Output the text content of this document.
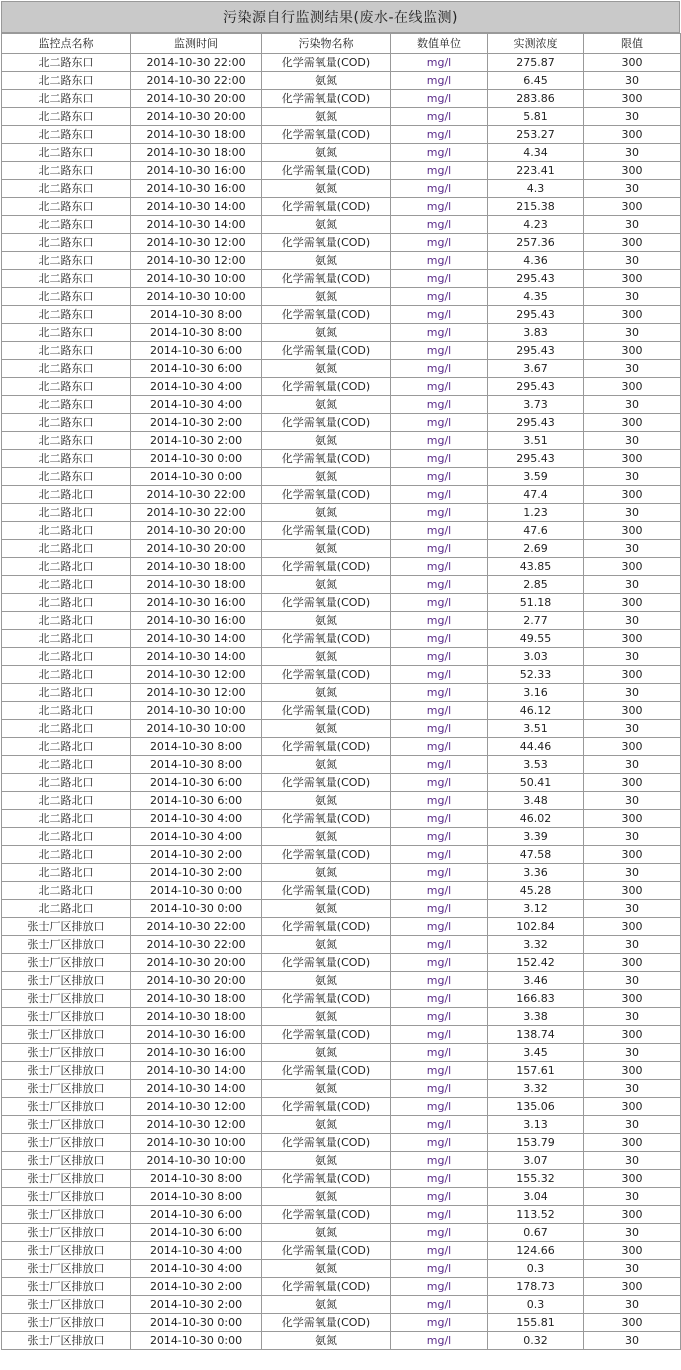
污染源自行监测结果(废水-在线监测)
监控点名称	监测时间	污染物名称	数值单位	实测浓度	限值
北二路东口	2014-10-30 22:00	化学需氧量(COD)	mg/l	275.87	300
北二路东口	2014-10-30 22:00	氨氮	mg/l	6.45	30
北二路东口	2014-10-30 20:00	化学需氧量(COD)	mg/l	283.86	300
北二路东口	2014-10-30 20:00	氨氮	mg/l	5.81	30
北二路东口	2014-10-30 18:00	化学需氧量(COD)	mg/l	253.27	300
北二路东口	2014-10-30 18:00	氨氮	mg/l	4.34	30
北二路东口	2014-10-30 16:00	化学需氧量(COD)	mg/l	223.41	300
北二路东口	2014-10-30 16:00	氨氮	mg/l	4.3	30
北二路东口	2014-10-30 14:00	化学需氧量(COD)	mg/l	215.38	300
北二路东口	2014-10-30 14:00	氨氮	mg/l	4.23	30
北二路东口	2014-10-30 12:00	化学需氧量(COD)	mg/l	257.36	300
北二路东口	2014-10-30 12:00	氨氮	mg/l	4.36	30
北二路东口	2014-10-30 10:00	化学需氧量(COD)	mg/l	295.43	300
北二路东口	2014-10-30 10:00	氨氮	mg/l	4.35	30
北二路东口	2014-10-30 8:00	化学需氧量(COD)	mg/l	295.43	300
北二路东口	2014-10-30 8:00	氨氮	mg/l	3.83	30
北二路东口	2014-10-30 6:00	化学需氧量(COD)	mg/l	295.43	300
北二路东口	2014-10-30 6:00	氨氮	mg/l	3.67	30
北二路东口	2014-10-30 4:00	化学需氧量(COD)	mg/l	295.43	300
北二路东口	2014-10-30 4:00	氨氮	mg/l	3.73	30
北二路东口	2014-10-30 2:00	化学需氧量(COD)	mg/l	295.43	300
北二路东口	2014-10-30 2:00	氨氮	mg/l	3.51	30
北二路东口	2014-10-30 0:00	化学需氧量(COD)	mg/l	295.43	300
北二路东口	2014-10-30 0:00	氨氮	mg/l	3.59	30
北二路北口	2014-10-30 22:00	化学需氧量(COD)	mg/l	47.4	300
北二路北口	2014-10-30 22:00	氨氮	mg/l	1.23	30
北二路北口	2014-10-30 20:00	化学需氧量(COD)	mg/l	47.6	300
北二路北口	2014-10-30 20:00	氨氮	mg/l	2.69	30
北二路北口	2014-10-30 18:00	化学需氧量(COD)	mg/l	43.85	300
北二路北口	2014-10-30 18:00	氨氮	mg/l	2.85	30
北二路北口	2014-10-30 16:00	化学需氧量(COD)	mg/l	51.18	300
北二路北口	2014-10-30 16:00	氨氮	mg/l	2.77	30
北二路北口	2014-10-30 14:00	化学需氧量(COD)	mg/l	49.55	300
北二路北口	2014-10-30 14:00	氨氮	mg/l	3.03	30
北二路北口	2014-10-30 12:00	化学需氧量(COD)	mg/l	52.33	300
北二路北口	2014-10-30 12:00	氨氮	mg/l	3.16	30
北二路北口	2014-10-30 10:00	化学需氧量(COD)	mg/l	46.12	300
北二路北口	2014-10-30 10:00	氨氮	mg/l	3.51	30
北二路北口	2014-10-30 8:00	化学需氧量(COD)	mg/l	44.46	300
北二路北口	2014-10-30 8:00	氨氮	mg/l	3.53	30
北二路北口	2014-10-30 6:00	化学需氧量(COD)	mg/l	50.41	300
北二路北口	2014-10-30 6:00	氨氮	mg/l	3.48	30
北二路北口	2014-10-30 4:00	化学需氧量(COD)	mg/l	46.02	300
北二路北口	2014-10-30 4:00	氨氮	mg/l	3.39	30
北二路北口	2014-10-30 2:00	化学需氧量(COD)	mg/l	47.58	300
北二路北口	2014-10-30 2:00	氨氮	mg/l	3.36	30
北二路北口	2014-10-30 0:00	化学需氧量(COD)	mg/l	45.28	300
北二路北口	2014-10-30 0:00	氨氮	mg/l	3.12	30
张士厂区排放口	2014-10-30 22:00	化学需氧量(COD)	mg/l	102.84	300
张士厂区排放口	2014-10-30 22:00	氨氮	mg/l	3.32	30
张士厂区排放口	2014-10-30 20:00	化学需氧量(COD)	mg/l	152.42	300
张士厂区排放口	2014-10-30 20:00	氨氮	mg/l	3.46	30
张士厂区排放口	2014-10-30 18:00	化学需氧量(COD)	mg/l	166.83	300
张士厂区排放口	2014-10-30 18:00	氨氮	mg/l	3.38	30
张士厂区排放口	2014-10-30 16:00	化学需氧量(COD)	mg/l	138.74	300
张士厂区排放口	2014-10-30 16:00	氨氮	mg/l	3.45	30
张士厂区排放口	2014-10-30 14:00	化学需氧量(COD)	mg/l	157.61	300
张士厂区排放口	2014-10-30 14:00	氨氮	mg/l	3.32	30
张士厂区排放口	2014-10-30 12:00	化学需氧量(COD)	mg/l	135.06	300
张士厂区排放口	2014-10-30 12:00	氨氮	mg/l	3.13	30
张士厂区排放口	2014-10-30 10:00	化学需氧量(COD)	mg/l	153.79	300
张士厂区排放口	2014-10-30 10:00	氨氮	mg/l	3.07	30
张士厂区排放口	2014-10-30 8:00	化学需氧量(COD)	mg/l	155.32	300
张士厂区排放口	2014-10-30 8:00	氨氮	mg/l	3.04	30
张士厂区排放口	2014-10-30 6:00	化学需氧量(COD)	mg/l	113.52	300
张士厂区排放口	2014-10-30 6:00	氨氮	mg/l	0.67	30
张士厂区排放口	2014-10-30 4:00	化学需氧量(COD)	mg/l	124.66	300
张士厂区排放口	2014-10-30 4:00	氨氮	mg/l	0.3	30
张士厂区排放口	2014-10-30 2:00	化学需氧量(COD)	mg/l	178.73	300
张士厂区排放口	2014-10-30 2:00	氨氮	mg/l	0.3	30
张士厂区排放口	2014-10-30 0:00	化学需氧量(COD)	mg/l	155.81	300
张士厂区排放口	2014-10-30 0:00	氨氮	mg/l	0.32	30
